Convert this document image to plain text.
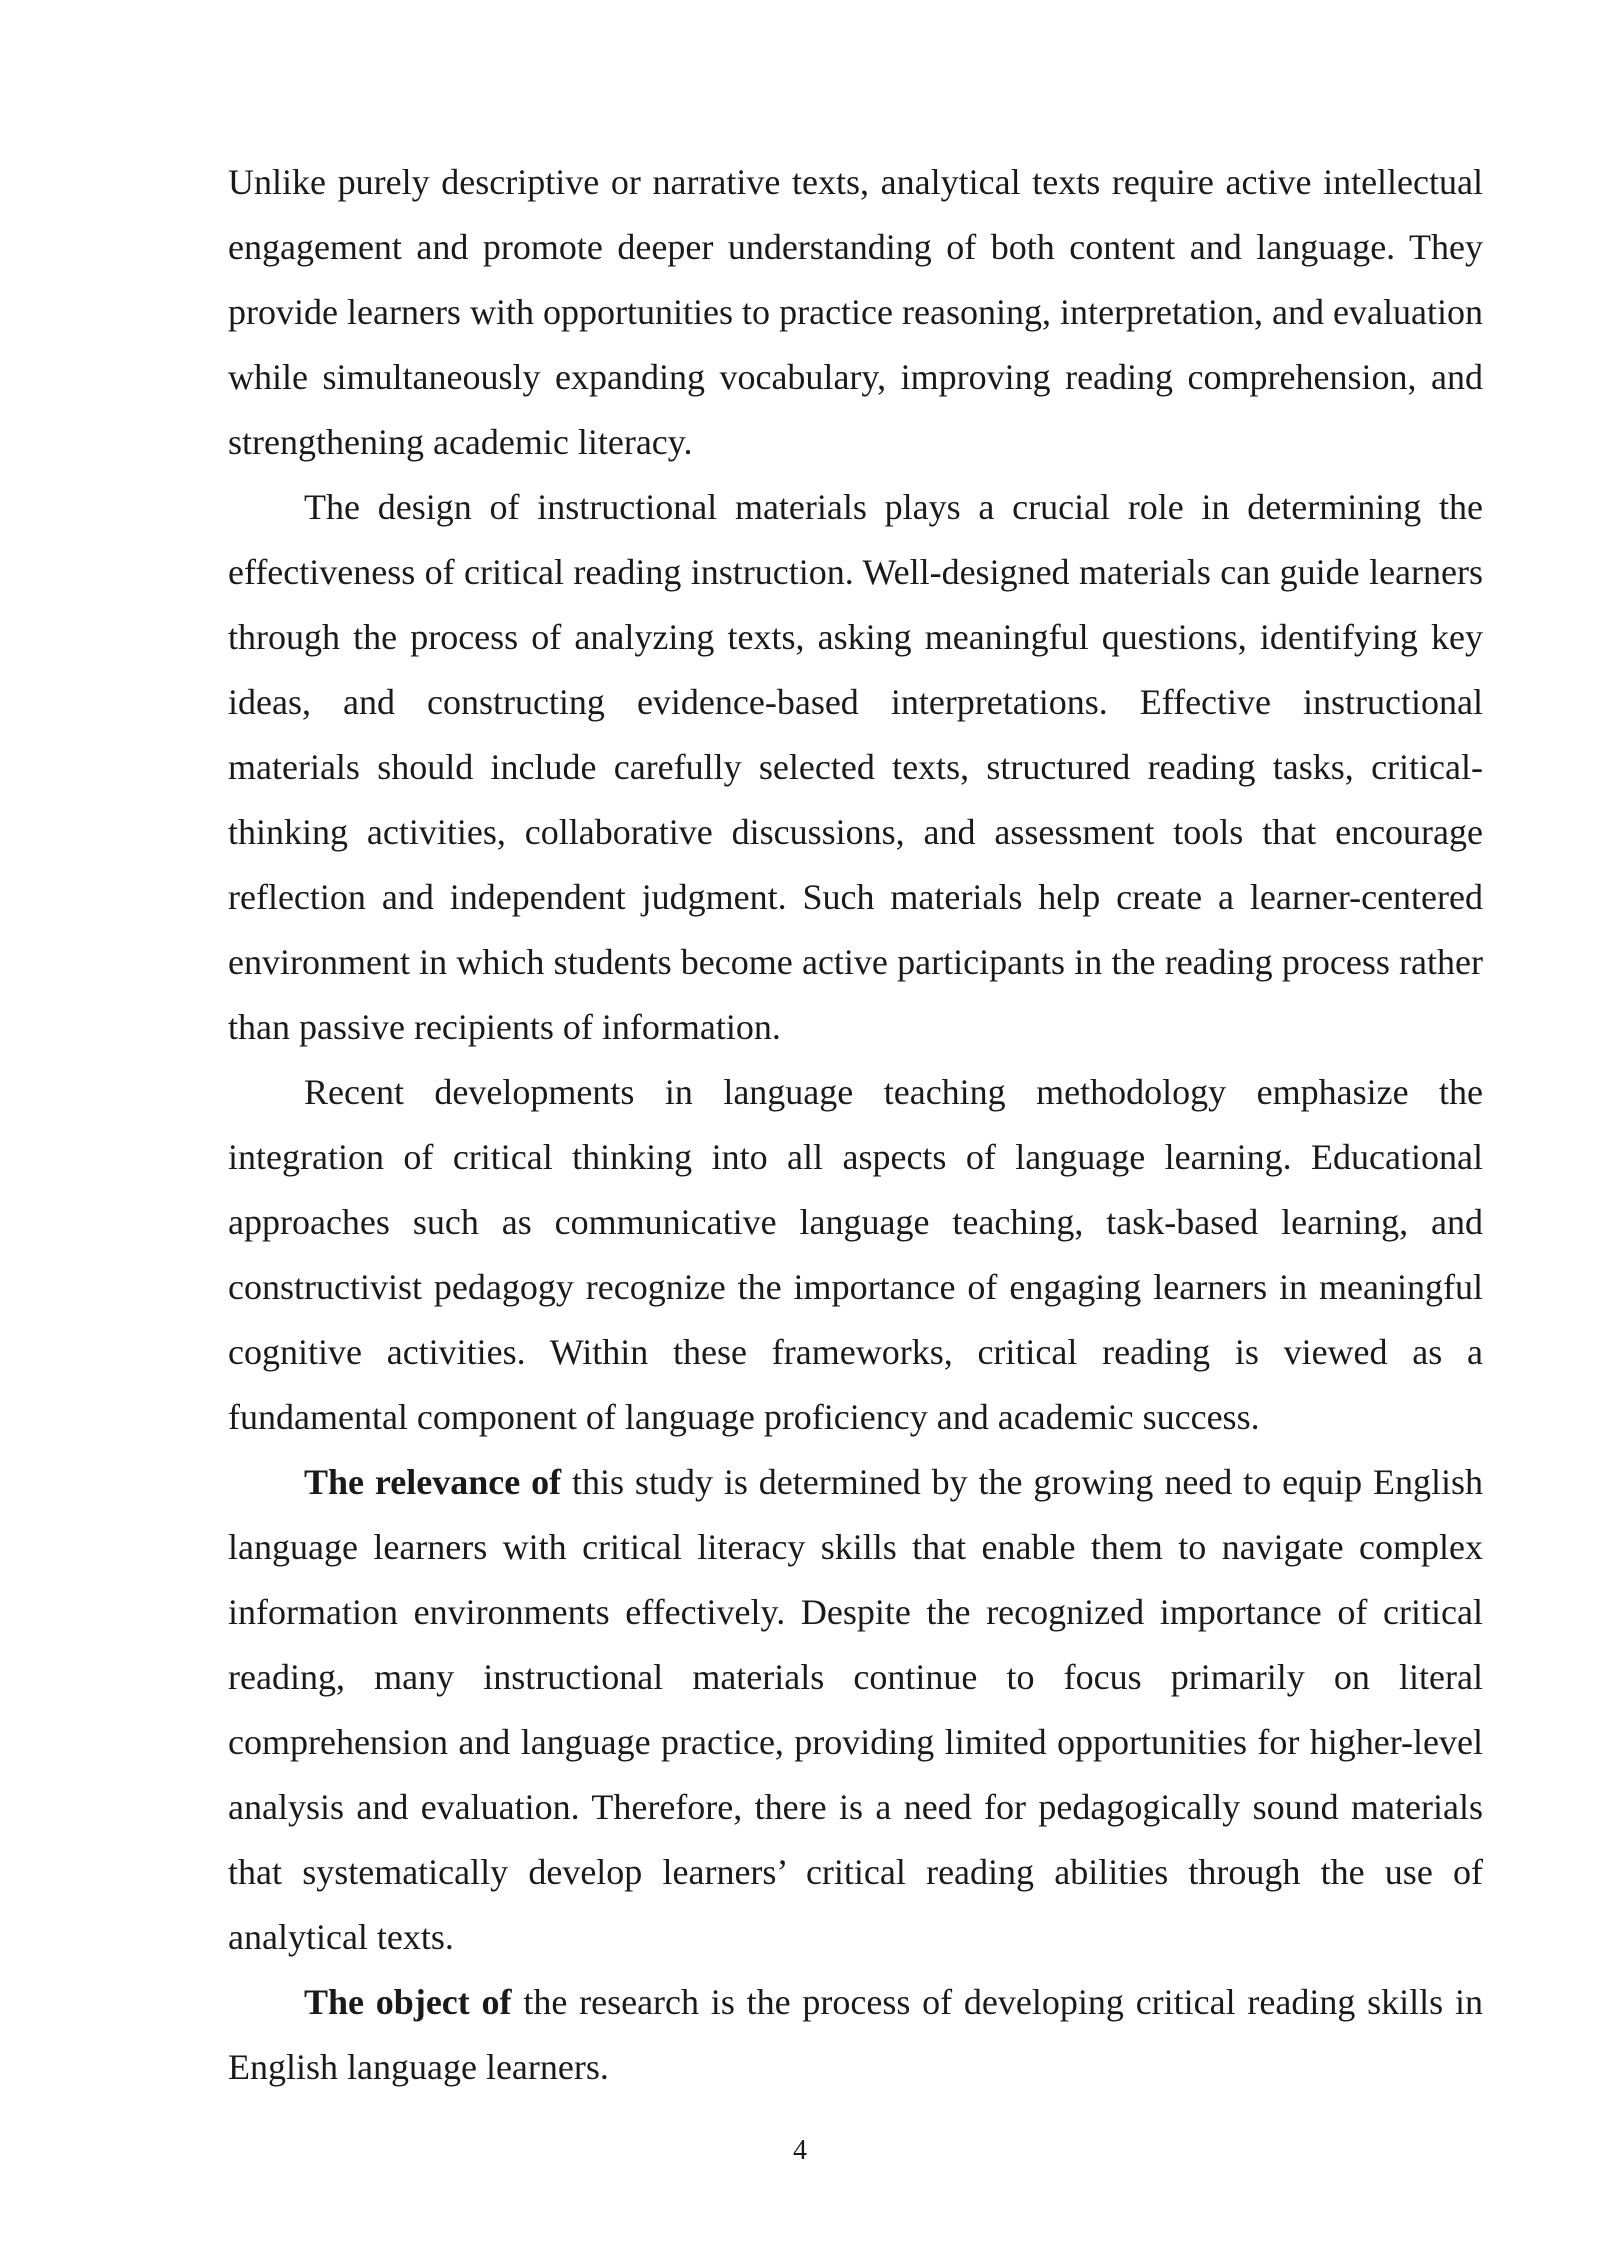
Unlike purely descriptive or narrative texts, analytical texts require active intellectual engagement and promote deeper understanding of both content and language. They provide learners with opportunities to practice reasoning, interpretation, and evaluation while simultaneously expanding vocabulary, improving reading comprehension, and strengthening academic literacy.

The design of instructional materials plays a crucial role in determining the effectiveness of critical reading instruction. Well-designed materials can guide learners through the process of analyzing texts, asking meaningful questions, identifying key ideas, and constructing evidence-based interpretations. Effective instructional materials should include carefully selected texts, structured reading tasks, critical-thinking activities, collaborative discussions, and assessment tools that encourage reflection and independent judgment. Such materials help create a learner-centered environment in which students become active participants in the reading process rather than passive recipients of information.

Recent developments in language teaching methodology emphasize the integration of critical thinking into all aspects of language learning. Educational approaches such as communicative language teaching, task-based learning, and constructivist pedagogy recognize the importance of engaging learners in meaningful cognitive activities. Within these frameworks, critical reading is viewed as a fundamental component of language proficiency and academic success.

The relevance of this study is determined by the growing need to equip English language learners with critical literacy skills that enable them to navigate complex information environments effectively. Despite the recognized importance of critical reading, many instructional materials continue to focus primarily on literal comprehension and language practice, providing limited opportunities for higher-level analysis and evaluation. Therefore, there is a need for pedagogically sound materials that systematically develop learners’ critical reading abilities through the use of analytical texts.

The object of the research is the process of developing critical reading skills in English language learners.

4
